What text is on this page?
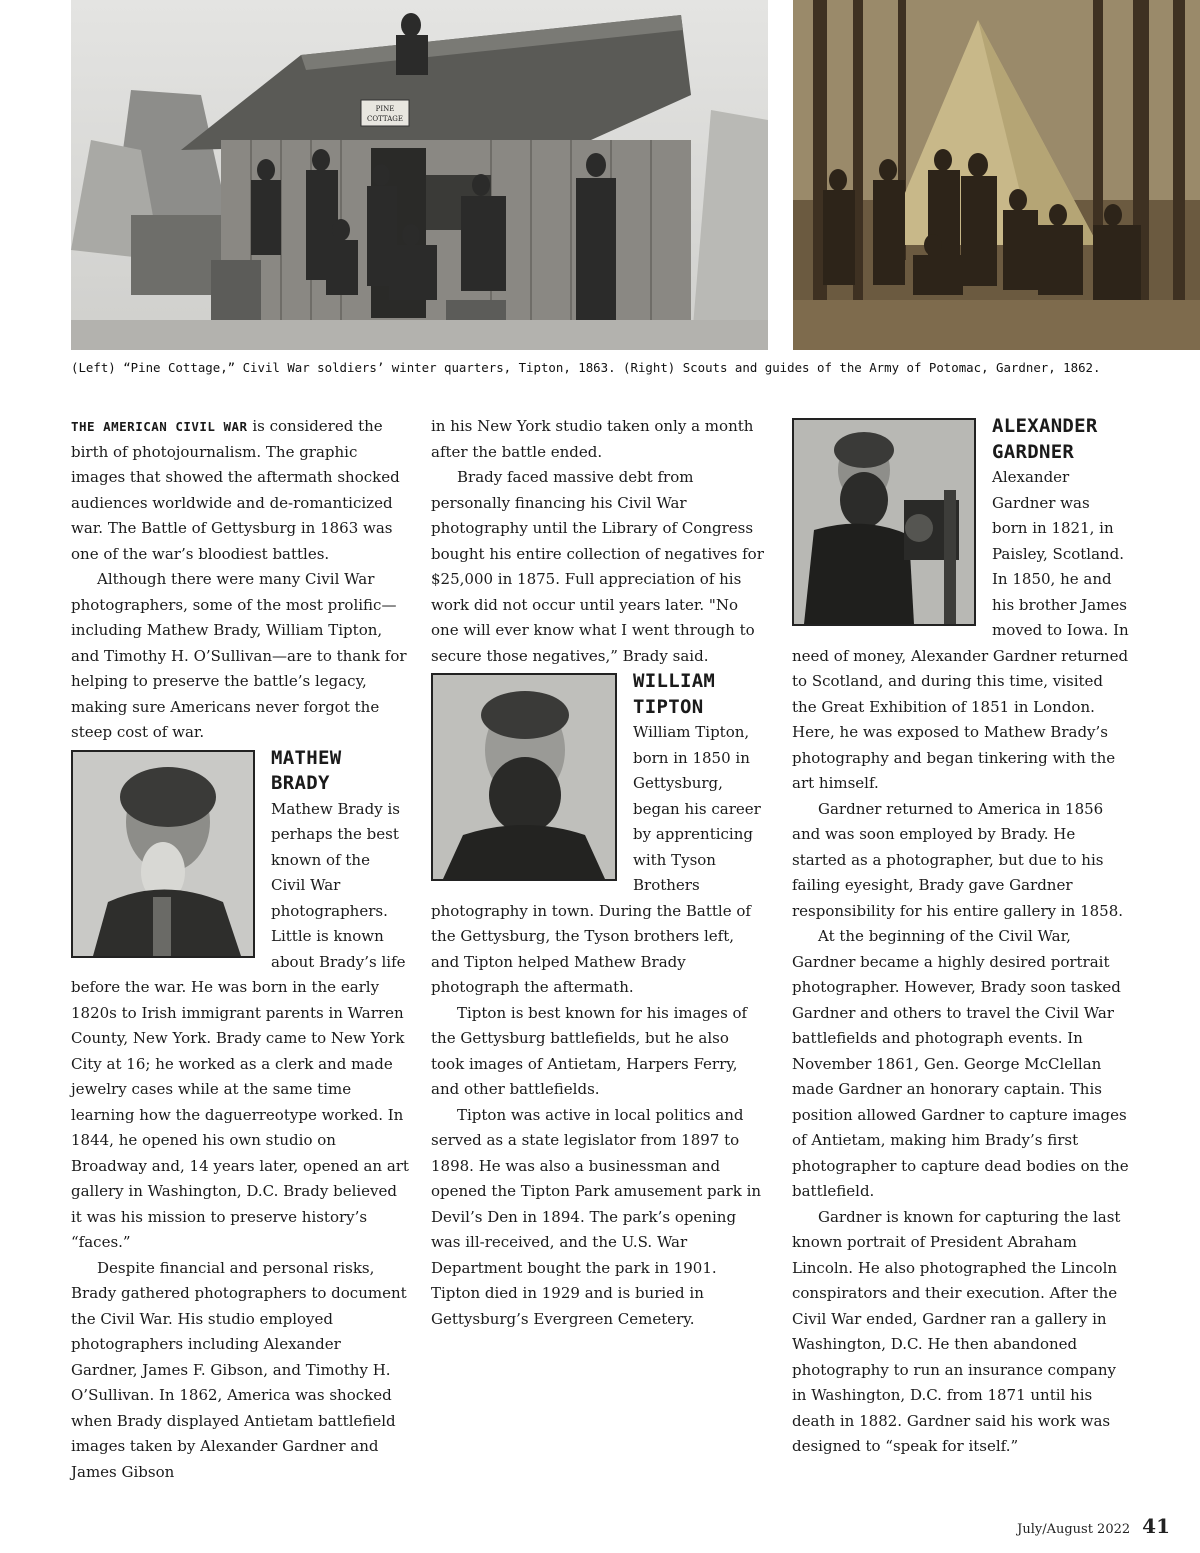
PINE
COTTAGE
(Left) “Pine Cottage,” Civil War soldiers’ winter quarters, Tipton, 1863. (Right) Scouts and guides of the Army of Potomac, Gardner, 1862.

THE AMERICAN CIVIL WAR is considered the birth of photojournalism. The graphic images that showed the aftermath shocked audiences worldwide and de-romanticized war. The Battle of Gettysburg in 1863 was one of the war’s bloodiest battles.

Although there were many Civil War photographers, some of the most prolific—including Mathew Brady, William Tipton, and Timothy H. O’Sullivan—are to thank for helping to preserve the battle’s legacy, making sure Americans never forgot the steep cost of war.

MATHEW

BRADY

Mathew Brady is perhaps the best known of the Civil War photographers. Little is known about Brady’s life before the war. He was born in the early 1820s to Irish immigrant parents in Warren County, New York. Brady came to New York City at 16; he worked as a clerk and made jewelry cases while at the same time learning how the daguerreotype worked. In 1844, he opened his own studio on Broadway and, 14 years later, opened an art gallery in Washington, D.C. Brady believed it was his mission to preserve history’s “faces.”

Despite financial and personal risks, Brady gathered photographers to document the Civil War. His studio employed photographers including Alexander Gardner, James F. Gibson, and Timothy H. O’Sullivan. In 1862, America was shocked when Brady displayed Antietam battlefield images taken by Alexander Gardner and James Gibson

in his New York studio taken only a month after the battle ended.

Brady faced massive debt from personally financing his Civil War photography until the Library of Congress bought his entire collection of negatives for $25,000 in 1875. Full appreciation of his work did not occur until years later. "No one will ever know what I went through to secure those negatives,” Brady said.

WILLIAM

TIPTON

William Tipton, born in 1850 in Gettysburg, began his career by apprenticing with Tyson Brothers photography in town. During the Battle of the Gettysburg, the Tyson brothers left, and Tipton helped Mathew Brady photograph the aftermath.

Tipton is best known for his images of the Gettysburg battlefields, but he also took images of Antietam, Harpers Ferry, and other battlefields.

Tipton was active in local politics and served as a state legislator from 1897 to 1898. He was also a businessman and opened the Tipton Park amusement park in Devil’s Den in 1894. The park’s opening was ill-received, and the U.S. War Department bought the park in 1901. Tipton died in 1929 and is buried in Gettysburg’s Evergreen Cemetery.

ALEXANDER

GARDNER

Alexander Gardner was born in 1821, in Paisley, Scotland. In 1850, he and his brother James moved to Iowa. In need of money, Alexander Gardner returned to Scotland, and during this time, visited the Great Exhibition of 1851 in London. Here, he was exposed to Mathew Brady’s photography and began tinkering with the art himself.

Gardner returned to America in 1856 and was soon employed by Brady. He started as a photographer, but due to his failing eyesight, Brady gave Gardner responsibility for his entire gallery in 1858.

At the beginning of the Civil War, Gardner became a highly desired portrait photographer. However, Brady soon tasked Gardner and others to travel the Civil War battlefields and photograph events. In November 1861, Gen. George McClellan made Gardner an honorary captain. This position allowed Gardner to capture images of Antietam, making him Brady’s first photographer to capture dead bodies on the battlefield.

Gardner is known for capturing the last known portrait of President Abraham Lincoln. He also photographed the Lincoln conspirators and their execution. After the Civil War ended, Gardner ran a gallery in Washington, D.C. He then abandoned photography to run an insurance company in Washington, D.C. from 1871 until his death in 1882. Gardner said his work was designed to “speak for itself.”

July/August 2022 41
